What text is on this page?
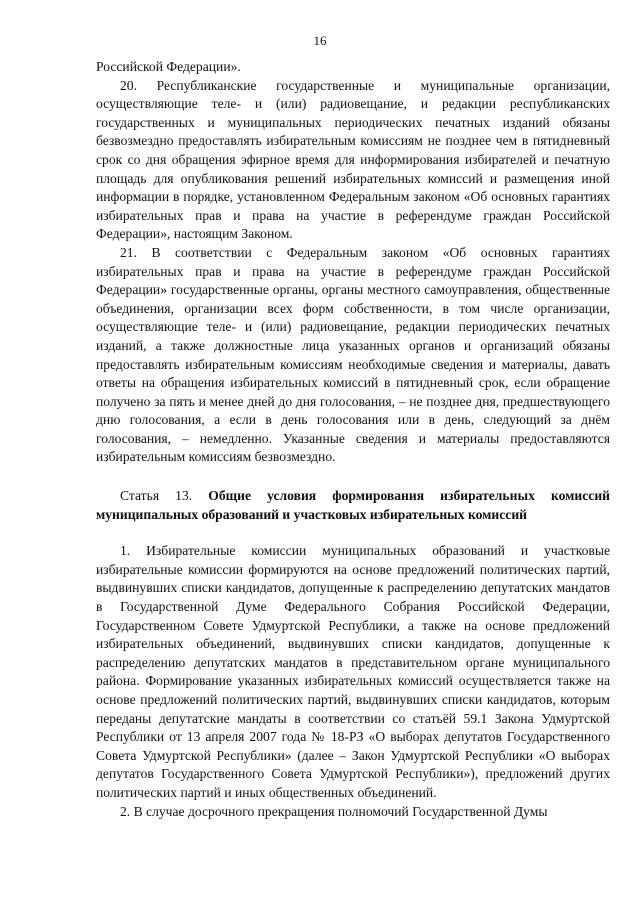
16

Российской Федерации».

20. Республиканские государственные и муниципальные организации, осуществляющие теле- и (или) радиовещание, и редакции республиканских государственных и муниципальных периодических печатных изданий обязаны безвозмездно предоставлять избирательным комиссиям не позднее чем в пятидневный срок со дня обращения эфирное время для информирования избирателей и печатную площадь для опубликования решений избирательных комиссий и размещения иной информации в порядке, установленном Федеральным законом «Об основных гарантиях избирательных прав и права на участие в референдуме граждан Российской Федерации», настоящим Законом.

21. В соответствии с Федеральным законом «Об основных гарантиях избирательных прав и права на участие в референдуме граждан Российской Федерации» государственные органы, органы местного самоуправления, общественные объединения, организации всех форм собственности, в том числе организации, осуществляющие теле- и (или) радиовещание, редакции периодических печатных изданий, а также должностные лица указанных органов и организаций обязаны предоставлять избирательным комиссиям необходимые сведения и материалы, давать ответы на обращения избирательных комиссий в пятидневный срок, если обращение получено за пять и менее дней до дня голосования, – не позднее дня, предшествующего дню голосования, а если в день голосования или в день, следующий за днём голосования, – немедленно. Указанные сведения и материалы предоставляются избирательным комиссиям безвозмездно.

Статья 13. Общие условия формирования избирательных комиссий муниципальных образований и участковых избирательных комиссий

1. Избирательные комиссии муниципальных образований и участковые избирательные комиссии формируются на основе предложений политических партий, выдвинувших списки кандидатов, допущенные к распределению депутатских мандатов в Государственной Думе Федерального Собрания Российской Федерации, Государственном Совете Удмуртской Республики, а также на основе предложений избирательных объединений, выдвинувших списки кандидатов, допущенные к распределению депутатских мандатов в представительном органе муниципального района. Формирование указанных избирательных комиссий осуществляется также на основе предложений политических партий, выдвинувших списки кандидатов, которым переданы депутатские мандаты в соответствии со статьёй 59.1 Закона Удмуртской Республики от 13 апреля 2007 года № 18-РЗ «О выборах депутатов Государственного Совета Удмуртской Республики» (далее – Закон Удмуртской Республики «О выборах депутатов Государственного Совета Удмуртской Республики»), предложений других политических партий и иных общественных объединений.

2. В случае досрочного прекращения полномочий Государственной Думы
